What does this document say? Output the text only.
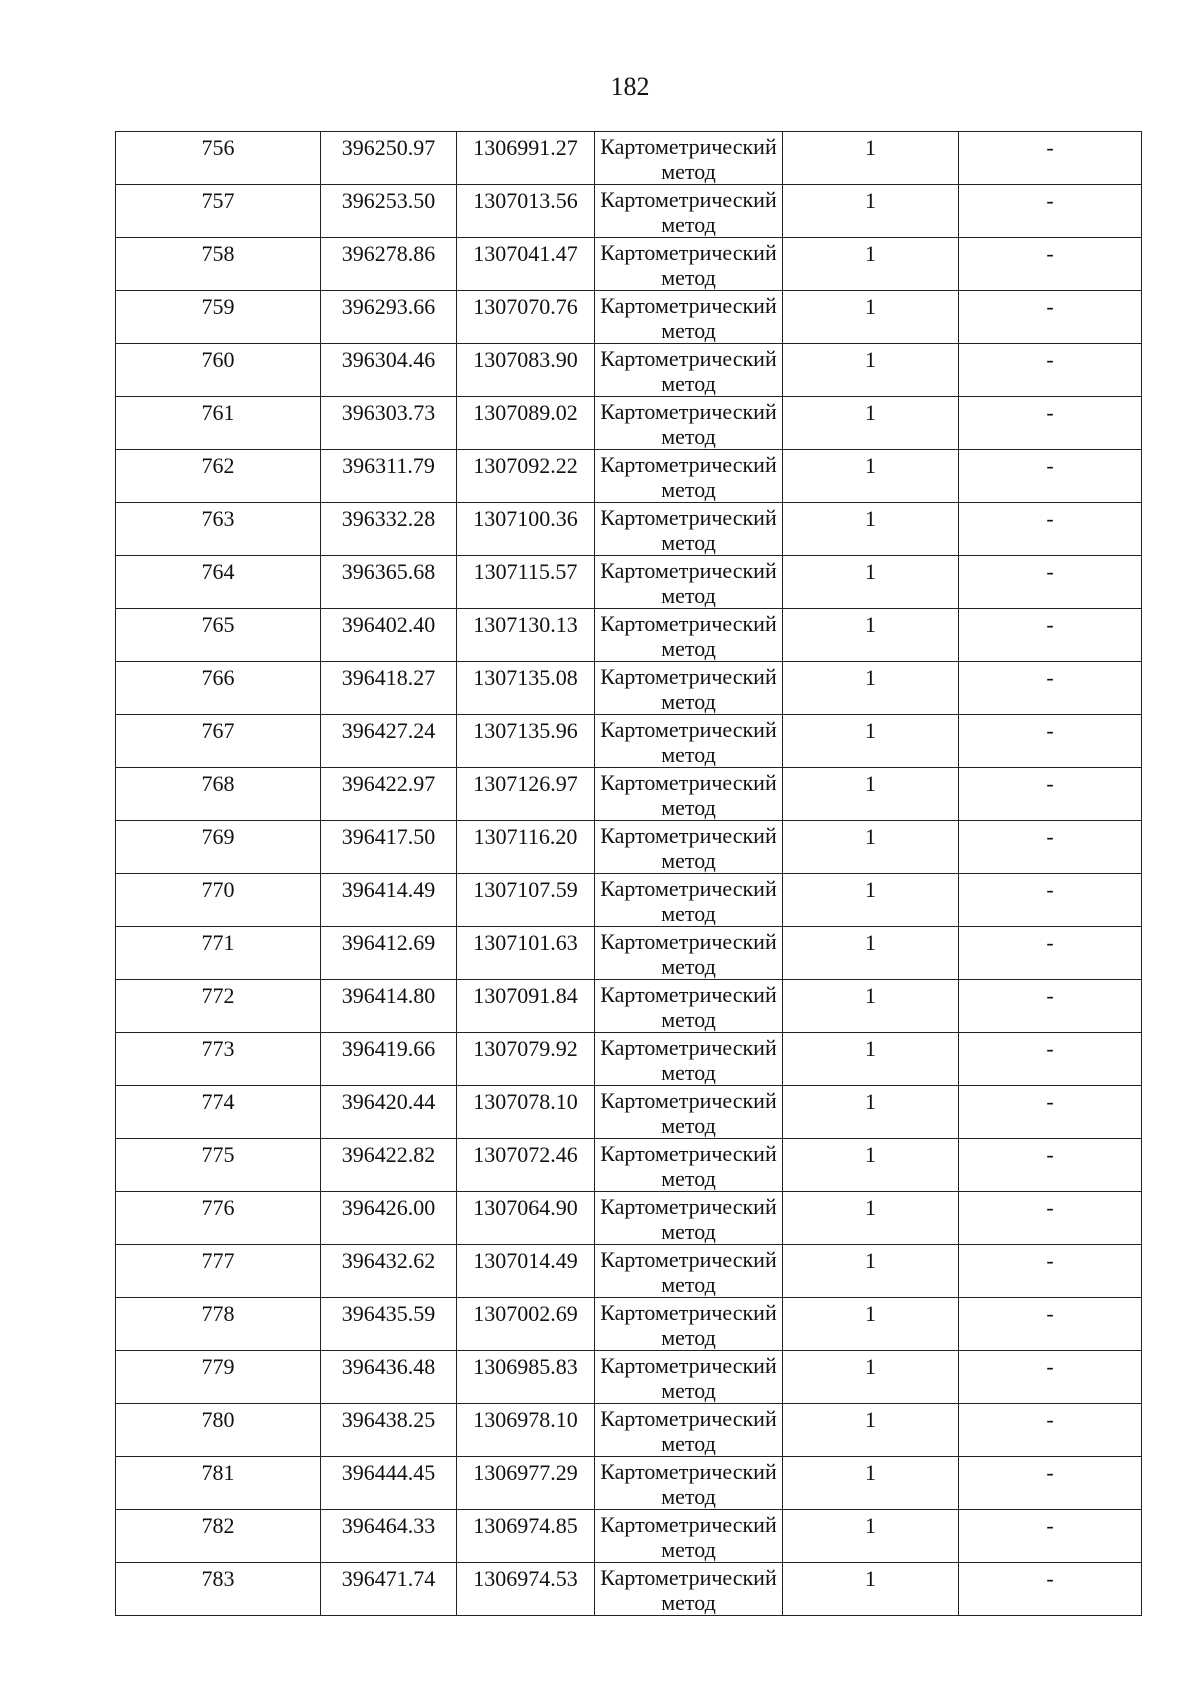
182
756	396250.97	1306991.27	Картометрический метод	1	-

757	396253.50	1307013.56	Картометрический метод	1	-

758	396278.86	1307041.47	Картометрический метод	1	-

759	396293.66	1307070.76	Картометрический метод	1	-

760	396304.46	1307083.90	Картометрический метод	1	-

761	396303.73	1307089.02	Картометрический метод	1	-

762	396311.79	1307092.22	Картометрический метод	1	-

763	396332.28	1307100.36	Картометрический метод	1	-

764	396365.68	1307115.57	Картометрический метод	1	-

765	396402.40	1307130.13	Картометрический метод	1	-

766	396418.27	1307135.08	Картометрический метод	1	-

767	396427.24	1307135.96	Картометрический метод	1	-

768	396422.97	1307126.97	Картометрический метод	1	-

769	396417.50	1307116.20	Картометрический метод	1	-

770	396414.49	1307107.59	Картометрический метод	1	-

771	396412.69	1307101.63	Картометрический метод	1	-

772	396414.80	1307091.84	Картометрический метод	1	-

773	396419.66	1307079.92	Картометрический метод	1	-

774	396420.44	1307078.10	Картометрический метод	1	-

775	396422.82	1307072.46	Картометрический метод	1	-

776	396426.00	1307064.90	Картометрический метод	1	-

777	396432.62	1307014.49	Картометрический метод	1	-

778	396435.59	1307002.69	Картометрический метод	1	-

779	396436.48	1306985.83	Картометрический метод	1	-

780	396438.25	1306978.10	Картометрический метод	1	-

781	396444.45	1306977.29	Картометрический метод	1	-

782	396464.33	1306974.85	Картометрический метод	1	-

783	396471.74	1306974.53	Картометрический метод	1	-
